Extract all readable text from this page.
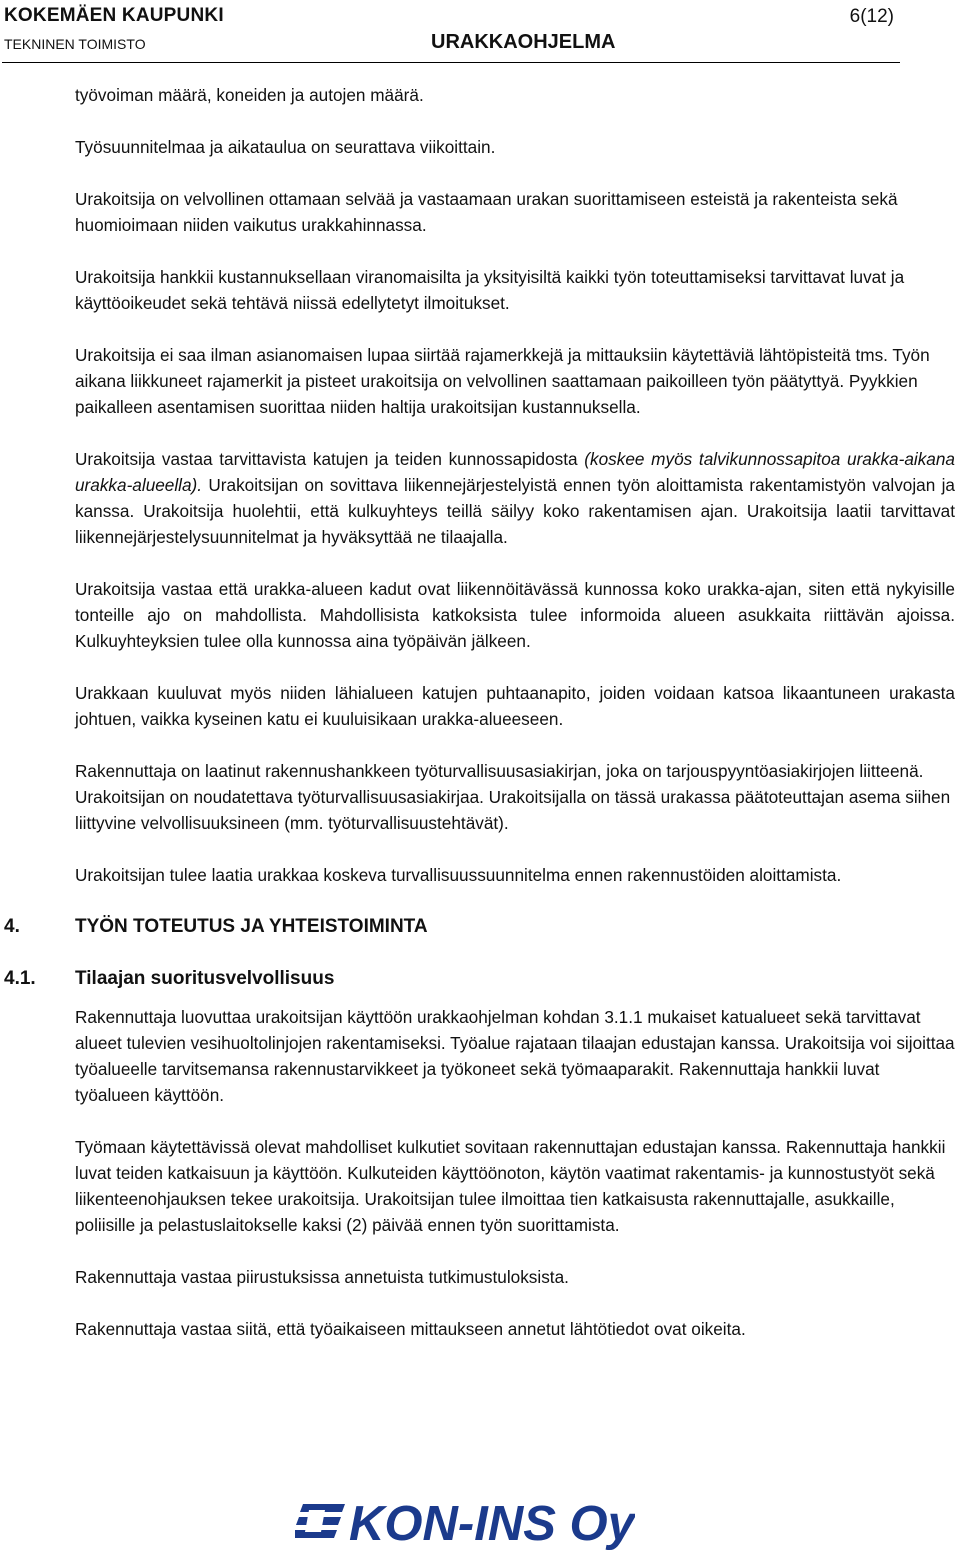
KOKEMÄEN KAUPUNKI
TEKNINEN TOIMISTO	URAKKAOHJELMA
6(12)

työvoiman määrä, koneiden ja autojen määrä.

Työsuunnitelmaa ja aikataulua on seurattava viikoittain.

Urakoitsija on velvollinen ottamaan selvää ja vastaamaan urakan suorittamiseen esteistä ja rakenteista sekä huomioimaan niiden vaikutus urakkahinnassa.

Urakoitsija hankkii kustannuksellaan viranomaisilta ja yksityisiltä kaikki työn toteuttamiseksi tarvittavat luvat ja käyttöoikeudet sekä tehtävä niissä edellytetyt ilmoitukset.

Urakoitsija ei saa ilman asianomaisen lupaa siirtää rajamerkkejä ja mittauksiin käytettäviä lähtöpisteitä tms. Työn aikana liikkuneet rajamerkit ja pisteet urakoitsija on velvollinen saattamaan paikoilleen työn päätyttyä. Pyykkien paikalleen asentamisen suorittaa niiden haltija urakoitsijan kustannuksella.

Urakoitsija vastaa tarvittavista katujen ja teiden kunnossapidosta (koskee myös talvikunnossapitoa urakka-aikana urakka-alueella). Urakoitsijan on sovittava liikennejärjestelyistä ennen työn aloittamista rakentamistyön valvojan ja kanssa. Urakoitsija huolehtii, että kulkuyhteys teillä säilyy koko rakentamisen ajan. Urakoitsija laatii tarvittavat liikennejärjestelysuunnitelmat ja hyväksyttää ne tilaajalla.

Urakoitsija vastaa että urakka-alueen kadut ovat liikennöitävässä kunnossa koko urakka-ajan, siten että nykyisille tonteille ajo on mahdollista. Mahdollisista katkoksista tulee informoida alueen asukkaita riittävän ajoissa. Kulkuyhteyksien tulee olla kunnossa aina työpäivän jälkeen.

Urakkaan kuuluvat myös niiden lähialueen katujen puhtaanapito, joiden voidaan katsoa likaantuneen urakasta johtuen, vaikka kyseinen katu ei kuuluisikaan urakka-alueeseen.

Rakennuttaja on laatinut rakennushankkeen työturvallisuusasiakirjan, joka on tarjouspyyntöasiakirjojen liitteenä. Urakoitsijan on noudatettava työturvallisuusasiakirjaa. Urakoitsijalla on tässä urakassa päätoteuttajan asema siihen liittyvine velvollisuuksineen (mm. työturvallisuustehtävät).

Urakoitsijan tulee laatia urakkaa koskeva turvallisuussuunnitelma ennen rakennustöiden aloittamista.

4.	TYÖN TOTEUTUS JA YHTEISTOIMINTA
4.1. Tilaajan suoritusvelvollisuus

Rakennuttaja luovuttaa urakoitsijan käyttöön urakkaohjelman kohdan 3.1.1 mukaiset katualueet sekä tarvittavat alueet tulevien vesihuoltolinjojen rakentamiseksi. Työalue rajataan tilaajan edustajan kanssa. Urakoitsija voi sijoittaa työalueelle tarvitsemansa rakennustarvikkeet ja työkoneet sekä työmaaparakit. Rakennuttaja hankkii luvat työalueen käyttöön.

Työmaan käytettävissä olevat mahdolliset kulkutiet sovitaan rakennuttajan edustajan kanssa. Rakennuttaja hankkii luvat teiden katkaisuun ja käyttöön. Kulkuteiden käyttöönoton, käytön vaatimat rakentamis- ja kunnostustyöt sekä liikenteenohjauksen tekee urakoitsija. Urakoitsijan tulee ilmoittaa tien katkaisusta rakennuttajalle, asukkaille, poliisille ja pelastuslaitokselle kaksi (2) päivää ennen työn suorittamista.

Rakennuttaja vastaa piirustuksissa annetuista tutkimustuloksista.

Rakennuttaja vastaa siitä, että työaikaiseen mittaukseen annetut lähtötiedot ovat oikeita.

KON-INS Oy
